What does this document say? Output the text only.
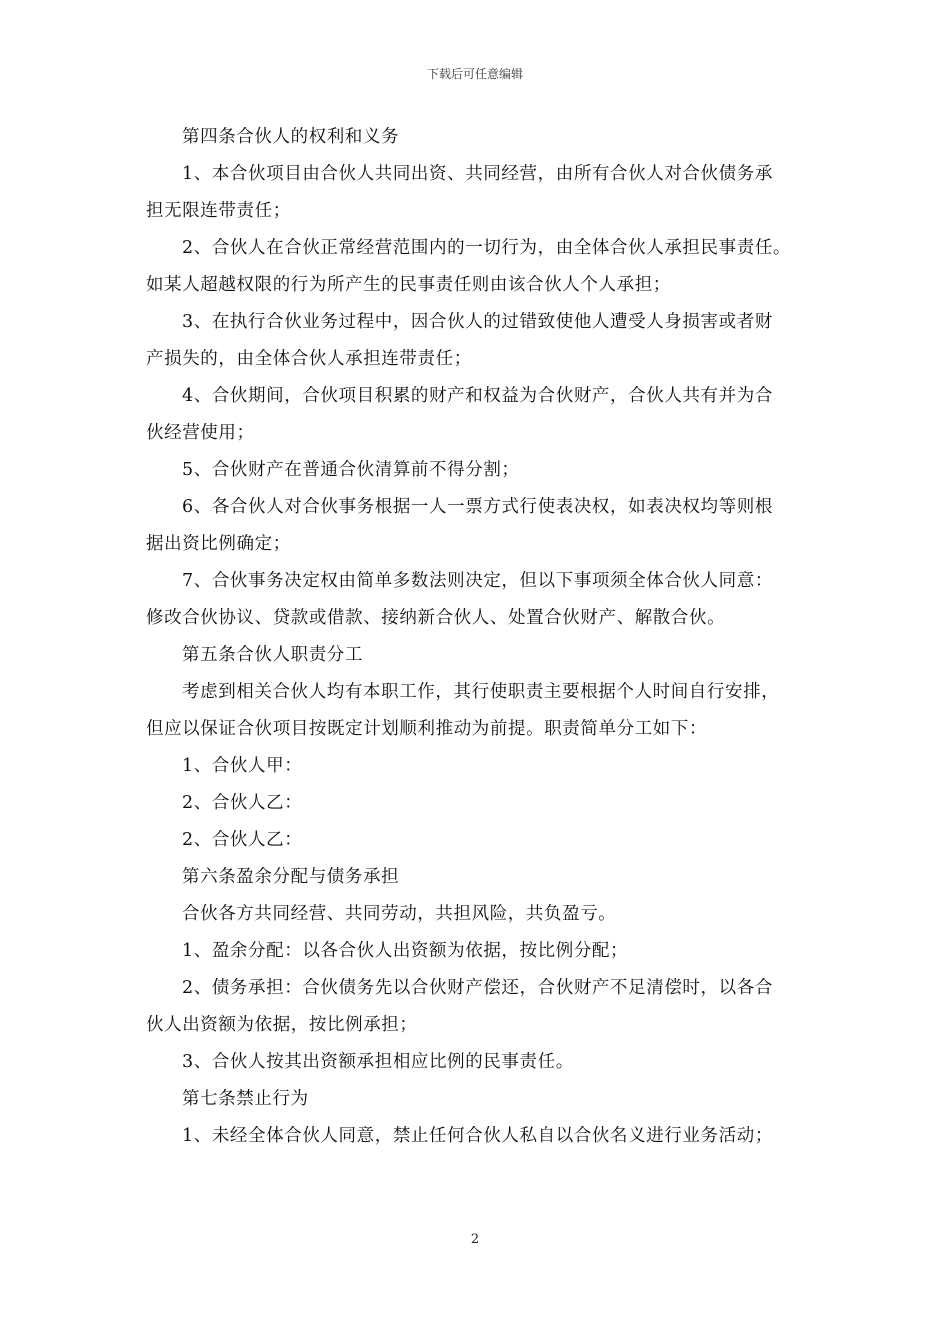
下载后可任意编辑

第四条合伙人的权利和义务

1、本合伙项目由合伙人共同出资、共同经营，由所有合伙人对合伙债务承
担无限连带责任；

2、合伙人在合伙正常经营范围内的一切行为，由全体合伙人承担民事责任。
如某人超越权限的行为所产生的民事责任则由该合伙人个人承担；

3、在执行合伙业务过程中，因合伙人的过错致使他人遭受人身损害或者财
产损失的，由全体合伙人承担连带责任；

4、合伙期间，合伙项目积累的财产和权益为合伙财产，合伙人共有并为合
伙经营使用；

5、合伙财产在普通合伙清算前不得分割；

6、各合伙人对合伙事务根据一人一票方式行使表决权，如表决权均等则根
据出资比例确定；

7、合伙事务决定权由简单多数法则决定，但以下事项须全体合伙人同意：
修改合伙协议、贷款或借款、接纳新合伙人、处置合伙财产、解散合伙。

第五条合伙人职责分工

考虑到相关合伙人均有本职工作，其行使职责主要根据个人时间自行安排，
但应以保证合伙项目按既定计划顺利推动为前提。职责简单分工如下：

1、合伙人甲：

2、合伙人乙：

2、合伙人乙：

第六条盈余分配与债务承担

合伙各方共同经营、共同劳动，共担风险，共负盈亏。

1、盈余分配：以各合伙人出资额为依据，按比例分配；

2、债务承担：合伙债务先以合伙财产偿还，合伙财产不足清偿时，以各合
伙人出资额为依据，按比例承担；

3、合伙人按其出资额承担相应比例的民事责任。

第七条禁止行为

1、未经全体合伙人同意，禁止任何合伙人私自以合伙名义进行业务活动；

2
